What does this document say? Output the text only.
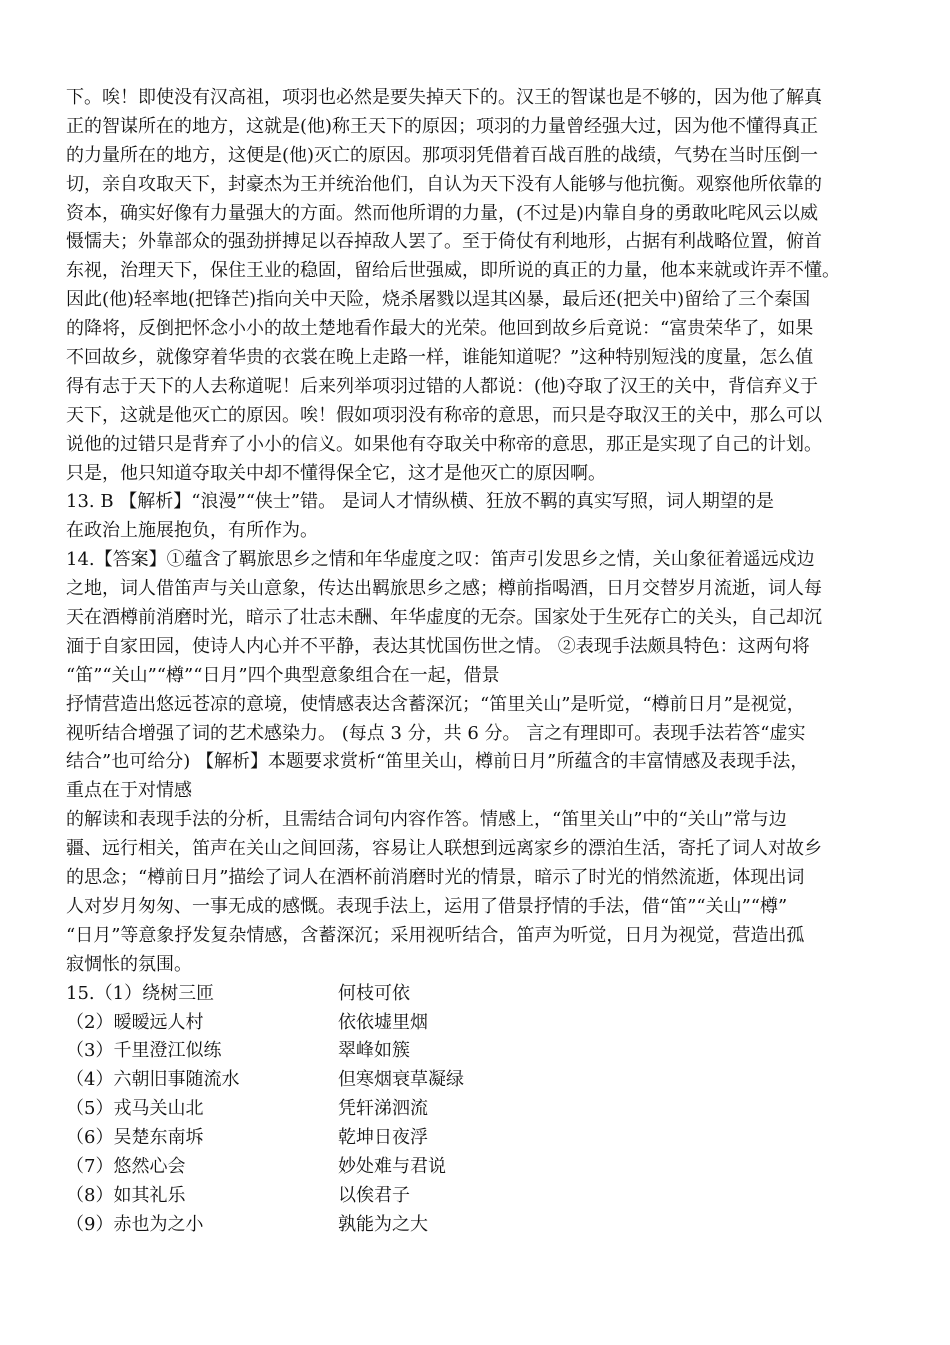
下。唉！即使没有汉高祖，项羽也必然是要失掉天下的。汉王的智谋也是不够的，因为他了解真
正的智谋所在的地方，这就是(他)称王天下的原因；项羽的力量曾经强大过，因为他不懂得真正
的力量所在的地方，这便是(他)灭亡的原因。那项羽凭借着百战百胜的战绩，气势在当时压倒一
切，亲自攻取天下，封豪杰为王并统治他们，自认为天下没有人能够与他抗衡。观察他所依靠的
资本，确实好像有力量强大的方面。然而他所谓的力量，(不过是)内靠自身的勇敢叱咤风云以威
慑懦夫；外靠部众的强劲拼搏足以吞掉敌人罢了。至于倚仗有利地形，占据有利战略位置，俯首
东视，治理天下，保住王业的稳固，留给后世强威，即所说的真正的力量，他本来就或许弄不懂。
因此(他)轻率地(把锋芒)指向关中天险，烧杀屠戮以逞其凶暴，最后还(把关中)留给了三个秦国
的降将，反倒把怀念小小的故土楚地看作最大的光荣。他回到故乡后竟说：“富贵荣华了，如果
不回故乡，就像穿着华贵的衣裳在晚上走路一样，谁能知道呢？”这种特别短浅的度量，怎么值
得有志于天下的人去称道呢！后来列举项羽过错的人都说：(他)夺取了汉王的关中，背信弃义于
天下，这就是他灭亡的原因。唉！假如项羽没有称帝的意思，而只是夺取汉王的关中，那么可以
说他的过错只是背弃了小小的信义。如果他有夺取关中称帝的意思，那正是实现了自己的计划。
只是，他只知道夺取关中却不懂得保全它，这才是他灭亡的原因啊。
13. B 【解析】“浪漫”“侠士”错。 是词人才情纵横、狂放不羁的真实写照，词人期望的是
在政治上施展抱负，有所作为。
14.【答案】①蕴含了羁旅思乡之情和年华虚度之叹：笛声引发思乡之情，关山象征着遥远戍边
之地，词人借笛声与关山意象，传达出羁旅思乡之感；樽前指喝酒，日月交替岁月流逝，词人每
天在酒樽前消磨时光，暗示了壮志未酬、年华虚度的无奈。国家处于生死存亡的关头，自己却沉
湎于自家田园，使诗人内心并不平静，表达其忧国伤世之情。 ②表现手法颇具特色：这两句将
“笛”“关山”“樽”“日月”四个典型意象组合在一起，借景
抒情营造出悠远苍凉的意境，使情感表达含蓄深沉；“笛里关山”是听觉，“樽前日月”是视觉，
视听结合增强了词的艺术感染力。 (每点 3 分，共 6 分。 言之有理即可。表现手法若答“虚实
结合”也可给分) 【解析】本题要求赏析“笛里关山，樽前日月”所蕴含的丰富情感及表现手法，
重点在于对情感
的解读和表现手法的分析，且需结合词句内容作答。情感上，“笛里关山”中的“关山”常与边
疆、远行相关，笛声在关山之间回荡，容易让人联想到远离家乡的漂泊生活，寄托了词人对故乡
的思念；“樽前日月”描绘了词人在酒杯前消磨时光的情景，暗示了时光的悄然流逝，体现出词
人对岁月匆匆、一事无成的感慨。表现手法上，运用了借景抒情的手法，借“笛”“关山”“樽”
“日月”等意象抒发复杂情感，含蓄深沉；采用视听结合，笛声为听觉，日月为视觉，营造出孤
寂惆怅的氛围。
15.（1）绕树三匝	何枝可依
（2）暧暧远人村	依依墟里烟
（3）千里澄江似练	翠峰如簇
（4）六朝旧事随流水	但寒烟衰草凝绿
（5）戎马关山北	凭轩涕泗流
（6）吴楚东南坼	乾坤日夜浮
（7）悠然心会	妙处难与君说
（8）如其礼乐	以俟君子
（9）赤也为之小	孰能为之大
